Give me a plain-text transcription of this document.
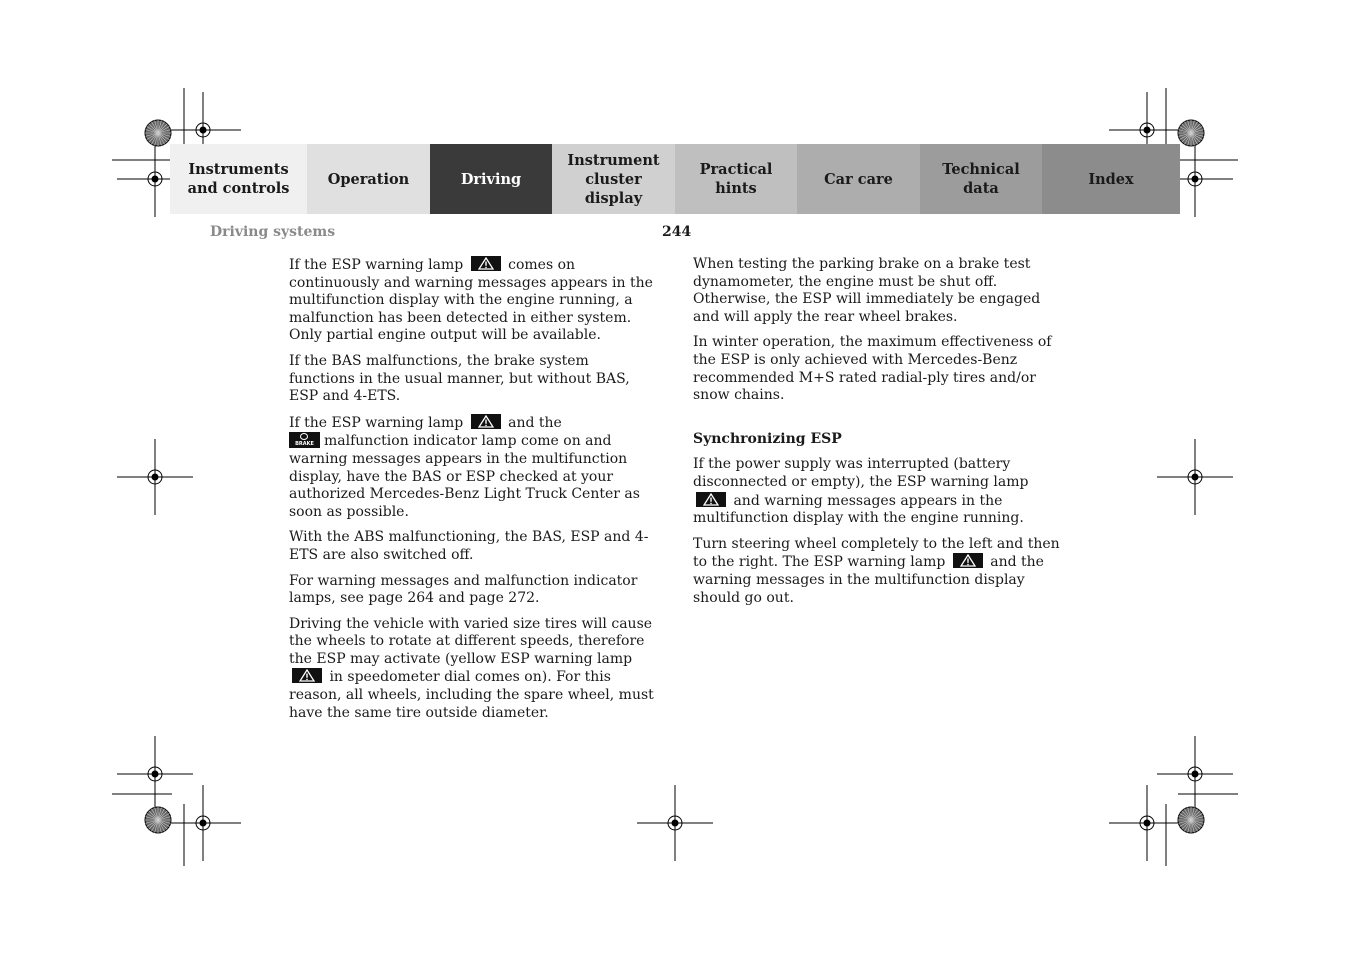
Instruments
and controls
Operation	Driving
Instrument
cluster display
Practical hints
Car care
Technical
data
Index
Driving systems	244

If the ESP warning lamp	comes on continuously and warning messages appears in the multifunction display with the engine running, a malfunction has been detected in either system. Only partial engine output will be available.

If the BAS malfunctions, the brake system functions in the usual manner, but without BAS, ESP and 4-ETS.

If the ESP warning lamp	and the

BRAKE malfunction indicator lamp come on and warning messages appears in the multifunction display, have the BAS or ESP checked at your authorized Mercedes-Benz Light Truck Center as soon as possible.

With the ABS malfunctioning, the BAS, ESP and 4-ETS are also switched off.

For warning messages and malfunction indicator lamps, see page 264 and page 272.

Driving the vehicle with varied size tires will cause the wheels to rotate at different speeds, therefore the ESP may activate (yellow ESP warning lamp
in speedometer dial comes on). For this reason, all wheels, including the spare wheel, must have the same tire outside diameter.

When testing the parking brake on a brake test dynamometer, the engine must be shut off. Otherwise, the ESP will immediately be engaged and will apply the rear wheel brakes.

In winter operation, the maximum effectiveness of the ESP is only achieved with Mercedes-Benz recommended M+S rated radial-ply tires and/or snow chains.

Synchronizing ESP

If the power supply was interrupted (battery disconnected or empty), the ESP warning lamp
and warning messages appears in the multifunction display with the engine running.

Turn steering wheel completely to the left and then to the right. The ESP warning lamp	and the warning messages in the multifunction display should go out.
